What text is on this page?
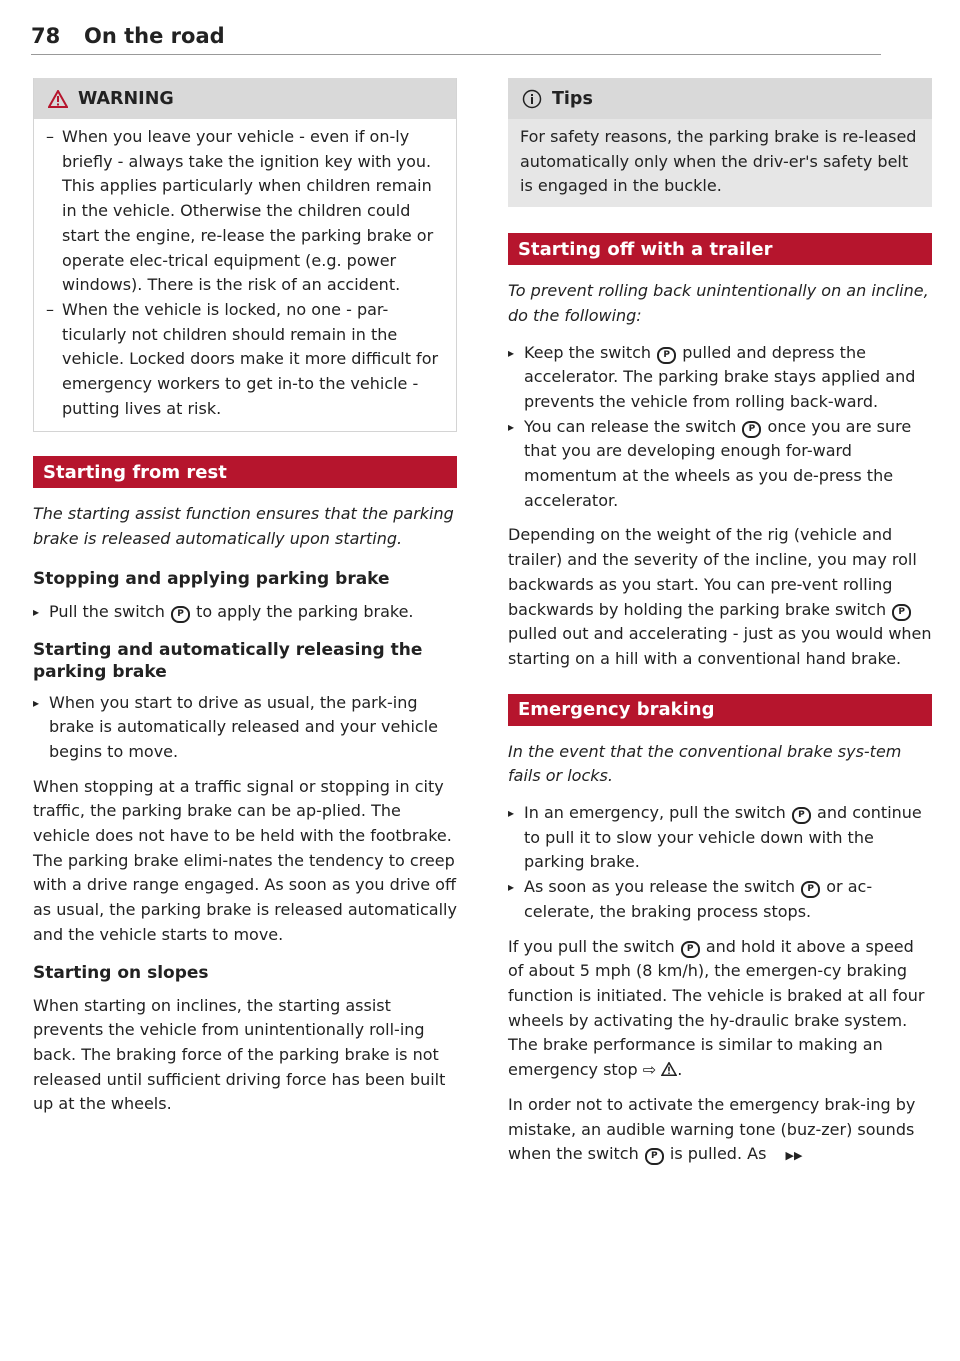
78 On the road
WARNING
– When you leave your vehicle - even if on-ly briefly - always take the ignition key with you. This applies particularly when children remain in the vehicle. Otherwise the children could start the engine, re-lease the parking brake or operate elec-trical equipment (e.g. power windows). There is the risk of an accident.
– When the vehicle is locked, no one - par-ticularly not children should remain in the vehicle. Locked doors make it more difficult for emergency workers to get in-to the vehicle - putting lives at risk.
Starting from rest

The starting assist function ensures that the parking brake is released automatically upon starting.

Stopping and applying parking brake
▸ Pull the switch P to apply the parking brake.
Starting and automatically releasing the parking brake
▸ When you start to drive as usual, the park-ing brake is automatically released and your vehicle begins to move.

When stopping at a traffic signal or stopping in city traffic, the parking brake can be ap-plied. The vehicle does not have to be held with the footbrake. The parking brake elimi-nates the tendency to creep with a drive range engaged. As soon as you drive off as usual, the parking brake is released automatically and the vehicle starts to move.

Starting on slopes

When starting on inclines, the starting assist prevents the vehicle from unintentionally roll-ing back. The braking force of the parking brake is not released until sufficient driving force has been built up at the wheels.

Tips

For safety reasons, the parking brake is re-leased automatically only when the driv-er's safety belt is engaged in the buckle.

Starting off with a trailer

To prevent rolling back unintentionally on an incline, do the following:

▸ Keep the switch P pulled and depress the accelerator. The parking brake stays applied and prevents the vehicle from rolling back-ward.
▸ You can release the switch P once you are sure that you are developing enough for-ward momentum at the wheels as you de-press the accelerator.

Depending on the weight of the rig (vehicle and trailer) and the severity of the incline, you may roll backwards as you start. You can pre-vent rolling backwards by holding the parking brake switch P pulled out and accelerating - just as you would when starting on a hill with a conventional hand brake.

Emergency braking

In the event that the conventional brake sys-tem fails or locks.

▸ In an emergency, pull the switch P and continue to pull it to slow your vehicle down with the parking brake.
▸ As soon as you release the switch P or ac-celerate, the braking process stops.

If you pull the switch P and hold it above a speed of about 5 mph (8 km/h), the emergen-cy braking function is initiated. The vehicle is braked at all four wheels by activating the hy-draulic brake system. The brake performance is similar to making an emergency stop ⇨ .

In order not to activate the emergency brak-ing by mistake, an audible warning tone (buz-zer) sounds when the switch P is pulled. As ▶▶
